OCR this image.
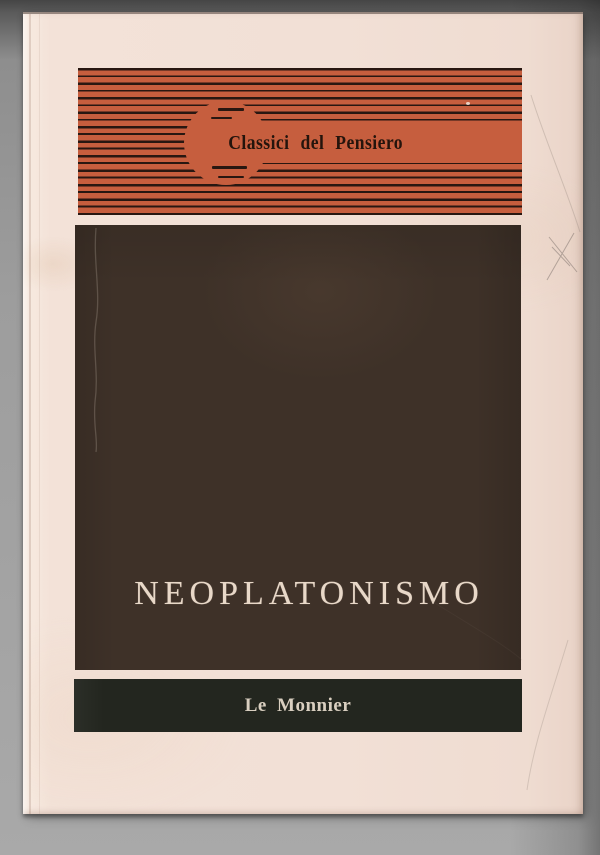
Classici del Pensiero
NEOPLATONISMO
Le Monnier
